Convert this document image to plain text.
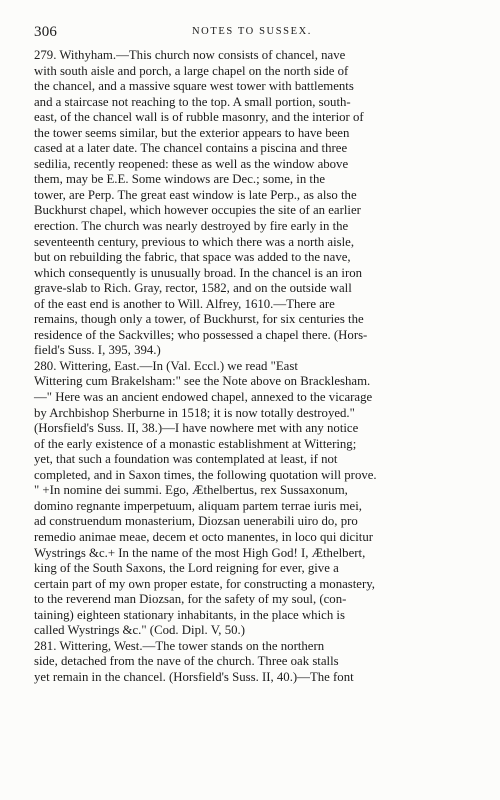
306	NOTES TO SUSSEX.
279. Withyham.—This church now consists of chancel, nave
with south aisle and porch, a large chapel on the north side of
the chancel, and a massive square west tower with battlements
and a staircase not reaching to the top. A small portion, south-
east, of the chancel wall is of rubble masonry, and the interior of
the tower seems similar, but the exterior appears to have been
cased at a later date. The chancel contains a piscina and three
sedilia, recently reopened: these as well as the window above
them, may be E.E. Some windows are Dec.; some, in the
tower, are Perp. The great east window is late Perp., as also the
Buckhurst chapel, which however occupies the site of an earlier
erection. The church was nearly destroyed by fire early in the
seventeenth century, previous to which there was a north aisle,
but on rebuilding the fabric, that space was added to the nave,
which consequently is unusually broad. In the chancel is an iron
grave-slab to Rich. Gray, rector, 1582, and on the outside wall
of the east end is another to Will. Alfrey, 1610.—There are
remains, though only a tower, of Buckhurst, for six centuries the
residence of the Sackvilles; who possessed a chapel there. (Hors-
field's Suss. I, 395, 394.)
280. Wittering, East.—In (Val. Eccl.) we read "East
Wittering cum Brakelsham:" see the Note above on Bracklesham.
—" Here was an ancient endowed chapel, annexed to the vicarage
by Archbishop Sherburne in 1518; it is now totally destroyed."
(Horsfield's Suss. II, 38.)—I have nowhere met with any notice
of the early existence of a monastic establishment at Wittering;
yet, that such a foundation was contemplated at least, if not
completed, and in Saxon times, the following quotation will prove.
" +In nomine dei summi. Ego, Æthelbertus, rex Sussaxonum,
domino regnante imperpetuum, aliquam partem terrae iuris mei,
ad construendum monasterium, Diozsan uenerabili uiro do, pro
remedio animae meae, decem et octo manentes, in loco qui dicitur
Wystrings &c.+ In the name of the most High God! I, Æthelbert,
king of the South Saxons, the Lord reigning for ever, give a
certain part of my own proper estate, for constructing a monastery,
to the reverend man Diozsan, for the safety of my soul, (con-
taining) eighteen stationary inhabitants, in the place which is
called Wystrings &c." (Cod. Dipl. V, 50.)
281. Wittering, West.—The tower stands on the northern
side, detached from the nave of the church. Three oak stalls
yet remain in the chancel. (Horsfield's Suss. II, 40.)—The font
